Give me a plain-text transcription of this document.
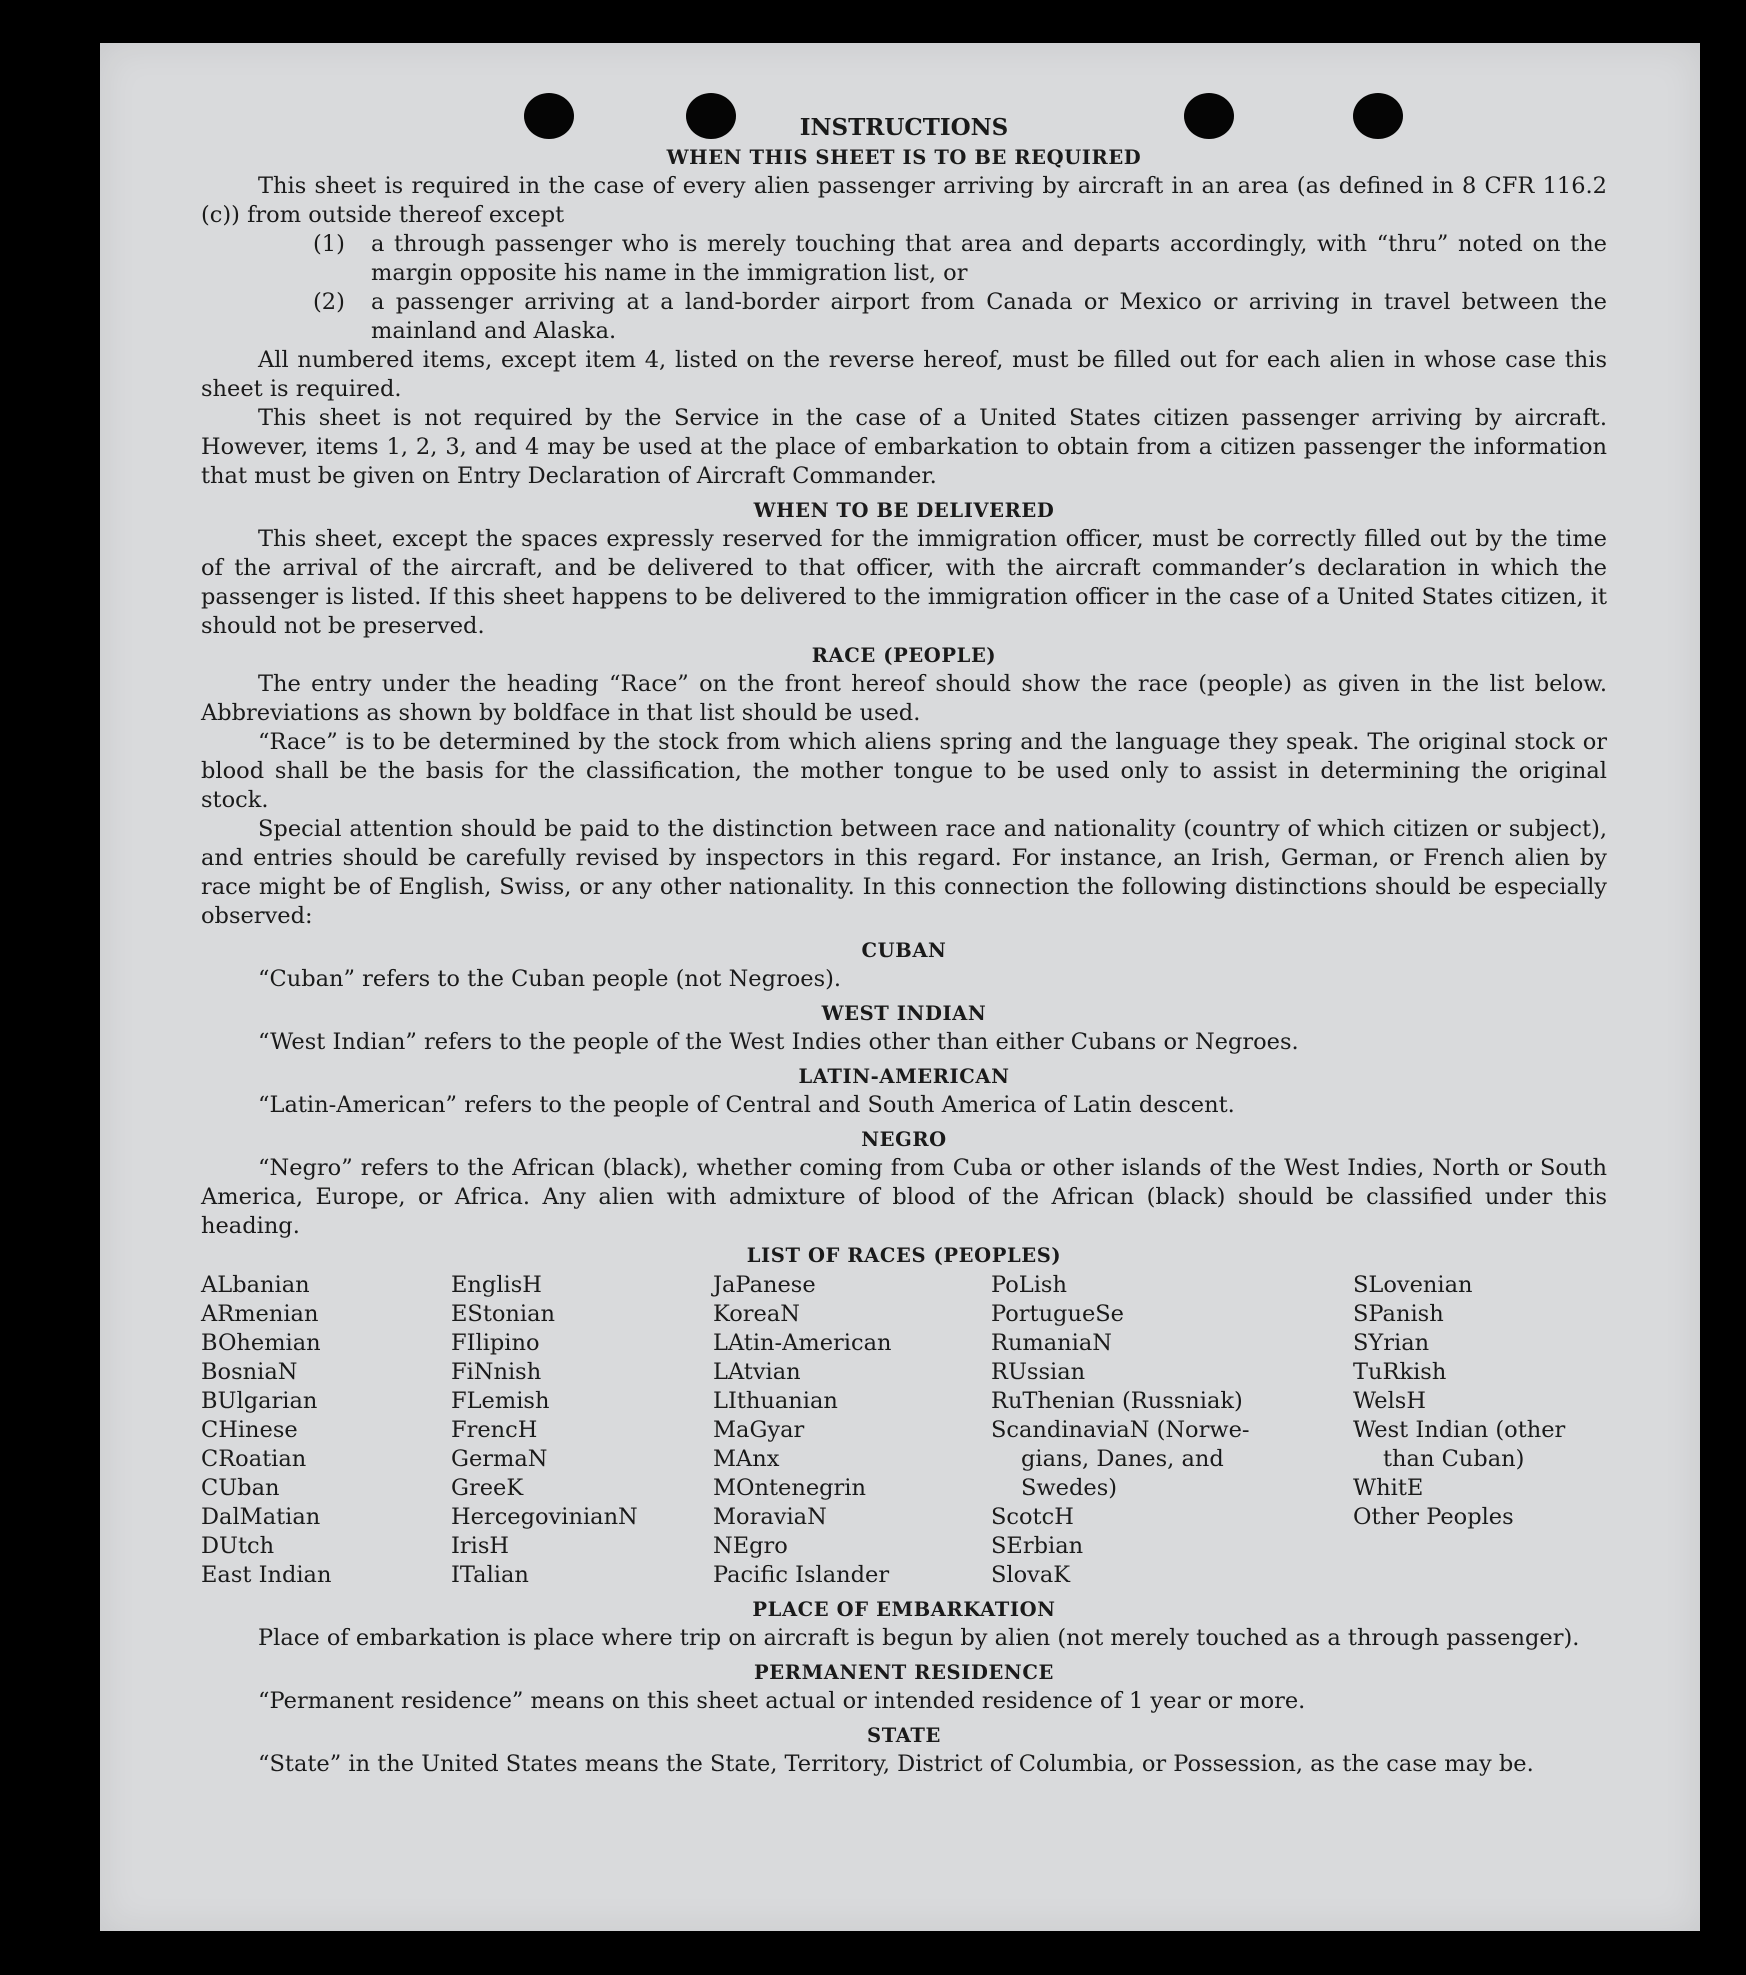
INSTRUCTIONS
WHEN THIS SHEET IS TO BE REQUIRED

This sheet is required in the case of every alien passenger arriving by aircraft in an area (as defined in 8 CFR 116.2 (c)) from outside thereof except

(1) a through passenger who is merely touching that area and departs accordingly, with “thru” noted on the margin opposite his name in the immigration list, or
(2) a passenger arriving at a land-border airport from Canada or Mexico or arriving in travel between the mainland and Alaska.

All numbered items, except item 4, listed on the reverse hereof, must be filled out for each alien in whose case this sheet is required.

This sheet is not required by the Service in the case of a United States citizen passenger arriving by aircraft. However, items 1, 2, 3, and 4 may be used at the place of embarkation to obtain from a citizen passenger the information that must be given on Entry Declaration of Aircraft Commander.

WHEN TO BE DELIVERED

This sheet, except the spaces expressly reserved for the immigration officer, must be correctly filled out by the time of the arrival of the aircraft, and be delivered to that officer, with the aircraft commander’s declaration in which the passenger is listed. If this sheet happens to be delivered to the immigration officer in the case of a United States citizen, it should not be preserved.

RACE (PEOPLE)

The entry under the heading “Race” on the front hereof should show the race (people) as given in the list below. Abbreviations as shown by boldface in that list should be used.

“Race” is to be determined by the stock from which aliens spring and the language they speak. The original stock or blood shall be the basis for the classification, the mother tongue to be used only to assist in determining the original stock.

Special attention should be paid to the distinction between race and nationality (country of which citizen or subject), and entries should be carefully revised by inspectors in this regard. For instance, an Irish, German, or French alien by race might be of English, Swiss, or any other nationality. In this connection the following distinctions should be especially observed:

CUBAN

“Cuban” refers to the Cuban people (not Negroes).

WEST INDIAN

“West Indian” refers to the people of the West Indies other than either Cubans or Negroes.

LATIN-AMERICAN

“Latin-American” refers to the people of Central and South America of Latin descent.

NEGRO

“Negro” refers to the African (black), whether coming from Cuba or other islands of the West Indies, North or South America, Europe, or Africa. Any alien with admixture of blood of the African (black) should be classified under this heading.

LIST OF RACES (PEOPLES)
ALbanian
ARmenian
BOhemian
BosniaN
BUlgarian
CHinese
CRoatian
CUban
DalMatian
DUtch
East Indian
EnglisH
EStonian
FIlipino
FiNnish
FLemish
FrencH
GermaN
GreeK
HercegovinianN
IrisH
ITalian
JaPanese
KoreaN
LAtin-American
LAtvian
LIthuanian
MaGyar
MAnx
MOntenegrin
MoraviaN
NEgro
Pacific Islander
PoLish
PortugueSe
RumaniaN
RUssian
RuThenian (Russniak)
ScandinaviaN (Norwe-
gians, Danes, and
Swedes)
ScotcH
SErbian
SlovaK
SLovenian
SPanish
SYrian
TuRkish
WelsH
West Indian (other
than Cuban)
WhitE
Other Peoples
PLACE OF EMBARKATION

Place of embarkation is place where trip on aircraft is begun by alien (not merely touched as a through passenger).

PERMANENT RESIDENCE

“Permanent residence” means on this sheet actual or intended residence of 1 year or more.

STATE

“State” in the United States means the State, Territory, District of Columbia, or Possession, as the case may be.
